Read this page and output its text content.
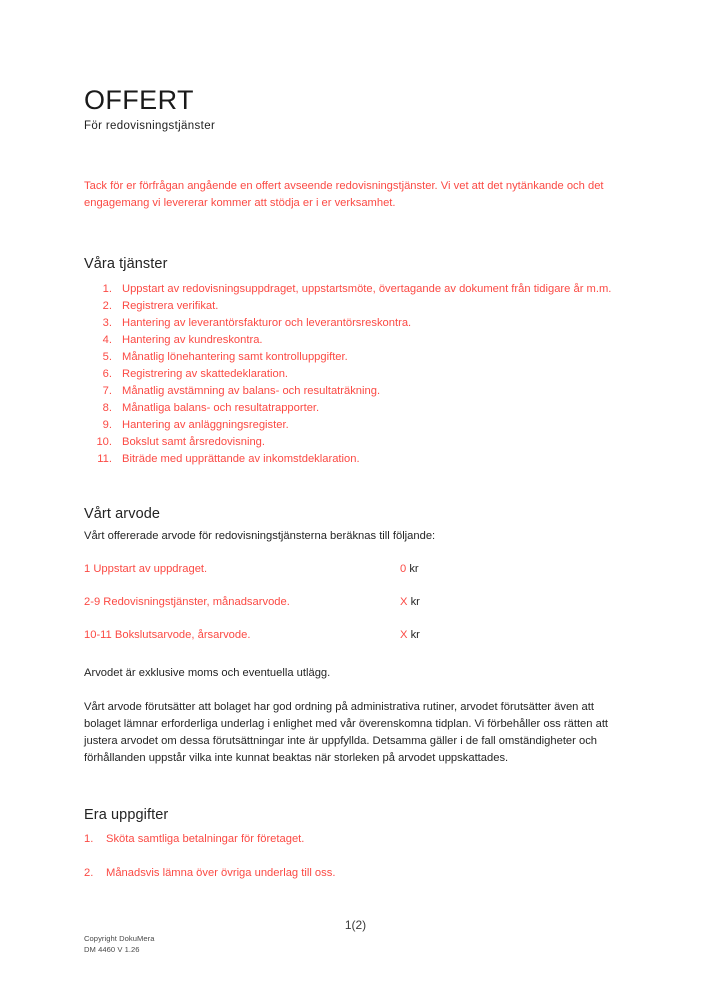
OFFERT
För redovisningstjänster

Tack för er förfrågan angående en offert avseende redovisningstjänster. Vi vet att det nytänkande och det engagemang vi levererar kommer att stödja er i er verksamhet.

Våra tjänster
Uppstart av redovisningsuppdraget, uppstartsmöte, övertagande av dokument från tidigare år m.m.
Registrera verifikat.
Hantering av leverantörsfakturor och leverantörsreskontra.
Hantering av kundreskontra.
Månatlig lönehantering samt kontrolluppgifter.
Registrering av skattedeklaration.
Månatlig avstämning av balans- och resultaträkning.
Månatliga balans- och resultatrapporter.
Hantering av anläggningsregister.
Bokslut samt årsredovisning.
Biträde med upprättande av inkomstdeklaration.
Vårt arvode

Vårt offererade arvode för redovisningstjänsterna beräknas till följande:

1 Uppstart av uppdraget.	0 kr
2-9 Redovisningstjänster, månadsarvode.	X kr
10-11 Bokslutsarvode, årsarvode.	X kr

Arvodet är exklusive moms och eventuella utlägg.

Vårt arvode förutsätter att bolaget har god ordning på administrativa rutiner, arvodet förutsätter även att bolaget lämnar erforderliga underlag i enlighet med vår överenskomna tidplan. Vi förbehåller oss rätten att justera arvodet om dessa förutsättningar inte är uppfyllda. Detsamma gäller i de fall omständigheter och förhållanden uppstår vilka inte kunnat beaktas när storleken på arvodet uppskattades.

Era uppgifter
Sköta samtliga betalningar för företaget.
Månadsvis lämna över övriga underlag till oss.
1(2)
Copyright DokuMera
DM 4460 V 1.26
